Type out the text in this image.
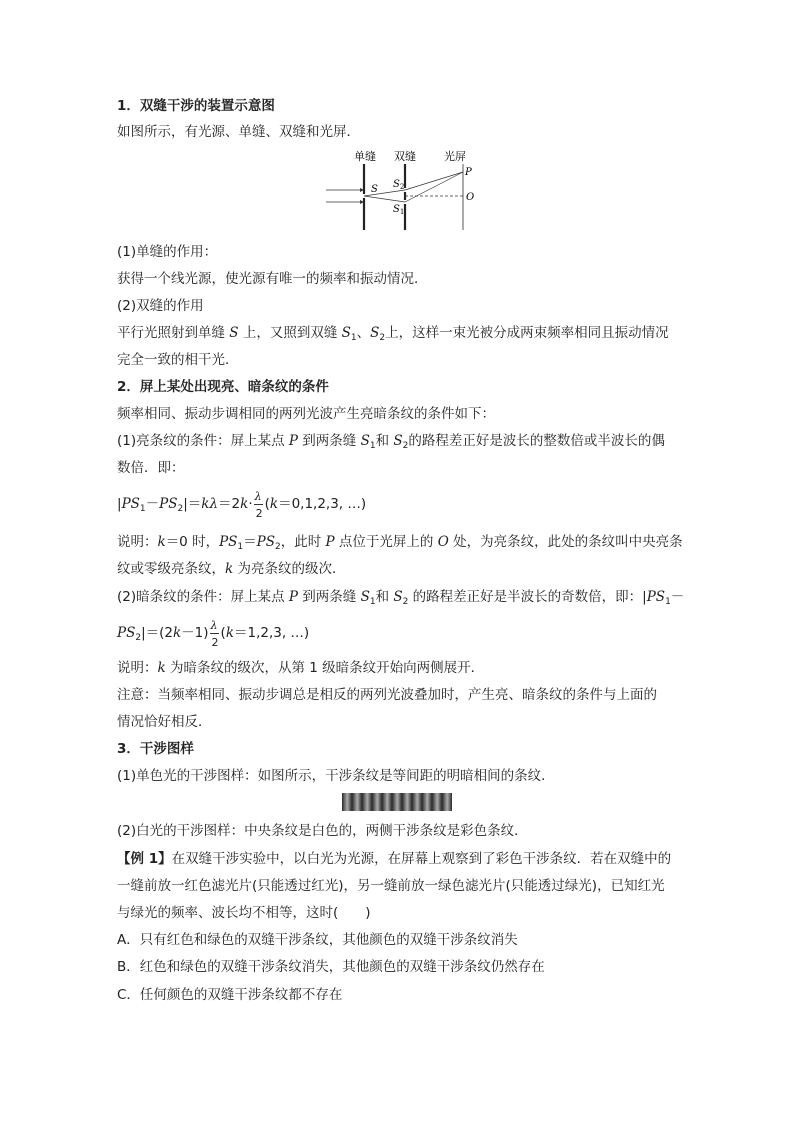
1．双缝干涉的装置示意图
如图所示，有光源、单缝、双缝和光屏．
单缝 双缝	光屏
S $S_2$
$S_1$
P
O
(1)单缝的作用：
获得一个线光源，使光源有唯一的频率和振动情况．
(2)双缝的作用
平行光照射到单缝 S 上，又照到双缝 $S_1$、$S_2$上，这样一束光被分成两束频率相同且振动情况
完全一致的相干光．
2．屏上某处出现亮、暗条纹的条件
频率相同、振动步调相同的两列光波产生亮暗条纹的条件如下：
(1)亮条纹的条件：屏上某点 P 到两条缝 $S_1$和 $S_2$的路程差正好是波长的整数倍或半波长的偶
数倍．即：
$|PS_1-PS_2|=k\lambda=2k\cdot \frac{\lambda}{2} (k=0,1,2,3$, …)
说明：k＝0 时，$PS_1=PS_2$，此时 P 点位于光屏上的 O 处，为亮条纹，此处的条纹叫中央亮条
纹或零级亮条纹，k 为亮条纹的级次．
(2)暗条纹的条件：屏上某点 P 到两条缝 $S_1$和 $S_2$ 的路程差正好是半波长的奇数倍，即：$|PS_1-$
$PS_2|=(2k-1) \frac{\lambda}{2} (k=1,2,3$, …)
说明：k 为暗条纹的级次，从第 1 级暗条纹开始向两侧展开．
注意：当频率相同、振动步调总是相反的两列光波叠加时，产生亮、暗条纹的条件与上面的
情况恰好相反．
3．干涉图样
(1)单色光的干涉图样：如图所示，干涉条纹是等间距的明暗相间的条纹．
(2)白光的干涉图样：中央条纹是白色的，两侧干涉条纹是彩色条纹．
【例 1】在双缝干涉实验中，以白光为光源，在屏幕上观察到了彩色干涉条纹．若在双缝中的
一缝前放一红色滤光片(只能透过红光)，另一缝前放一绿色滤光片(只能透过绿光)，已知红光
与绿光的频率、波长均不相等，这时(　　)
A．只有红色和绿色的双缝干涉条纹，其他颜色的双缝干涉条纹消失
B．红色和绿色的双缝干涉条纹消失，其他颜色的双缝干涉条纹仍然存在
C．任何颜色的双缝干涉条纹都不存在
